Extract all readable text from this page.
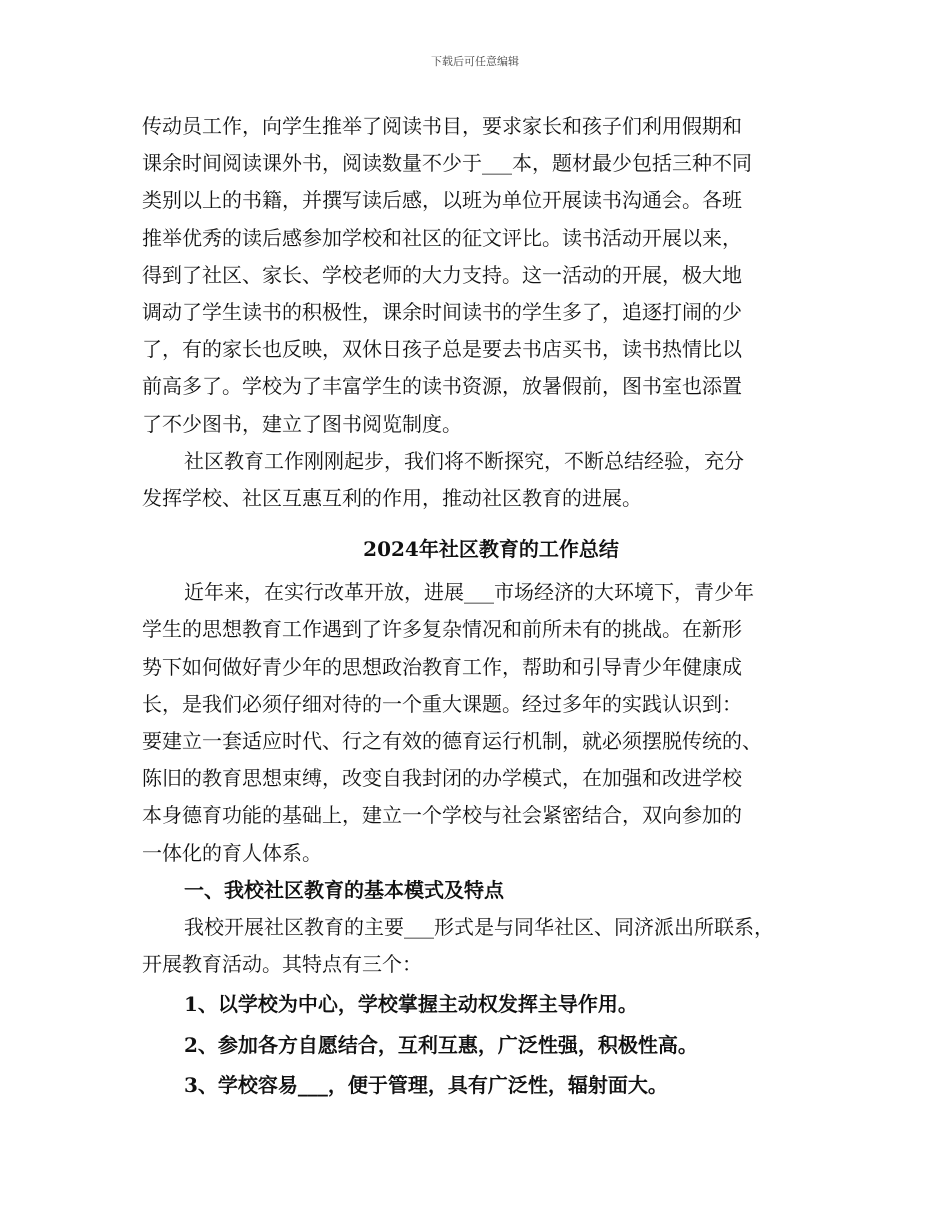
下载后可任意编辑
传动员工作，向学生推举了阅读书目，要求家长和孩子们利用假期和
课余时间阅读课外书，阅读数量不少于___本，题材最少包括三种不同
类别以上的书籍，并撰写读后感，以班为单位开展读书沟通会。各班
推举优秀的读后感参加学校和社区的征文评比。读书活动开展以来，
得到了社区、家长、学校老师的大力支持。这一活动的开展，极大地
调动了学生读书的积极性，课余时间读书的学生多了，追逐打闹的少
了，有的家长也反映，双休日孩子总是要去书店买书，读书热情比以
前高多了。学校为了丰富学生的读书资源，放暑假前，图书室也添置
了不少图书，建立了图书阅览制度。
社区教育工作刚刚起步，我们将不断探究，不断总结经验，充分
发挥学校、社区互惠互利的作用，推动社区教育的进展。
2024年社区教育的工作总结
近年来，在实行改革开放，进展___市场经济的大环境下，青少年
学生的思想教育工作遇到了许多复杂情况和前所未有的挑战。在新形
势下如何做好青少年的思想政治教育工作，帮助和引导青少年健康成
长，是我们必须仔细对待的一个重大课题。经过多年的实践认识到：
要建立一套适应时代、行之有效的德育运行机制，就必须摆脱传统的、
陈旧的教育思想束缚，改变自我封闭的办学模式，在加强和改进学校
本身德育功能的基础上，建立一个学校与社会紧密结合，双向参加的
一体化的育人体系。
一、我校社区教育的基本模式及特点
我校开展社区教育的主要___形式是与同华社区、同济派出所联系，
开展教育活动。其特点有三个：
1、以学校为中心，学校掌握主动权发挥主导作用。
2、参加各方自愿结合，互利互惠，广泛性强，积极性高。
3、学校容易___，便于管理，具有广泛性，辐射面大。
